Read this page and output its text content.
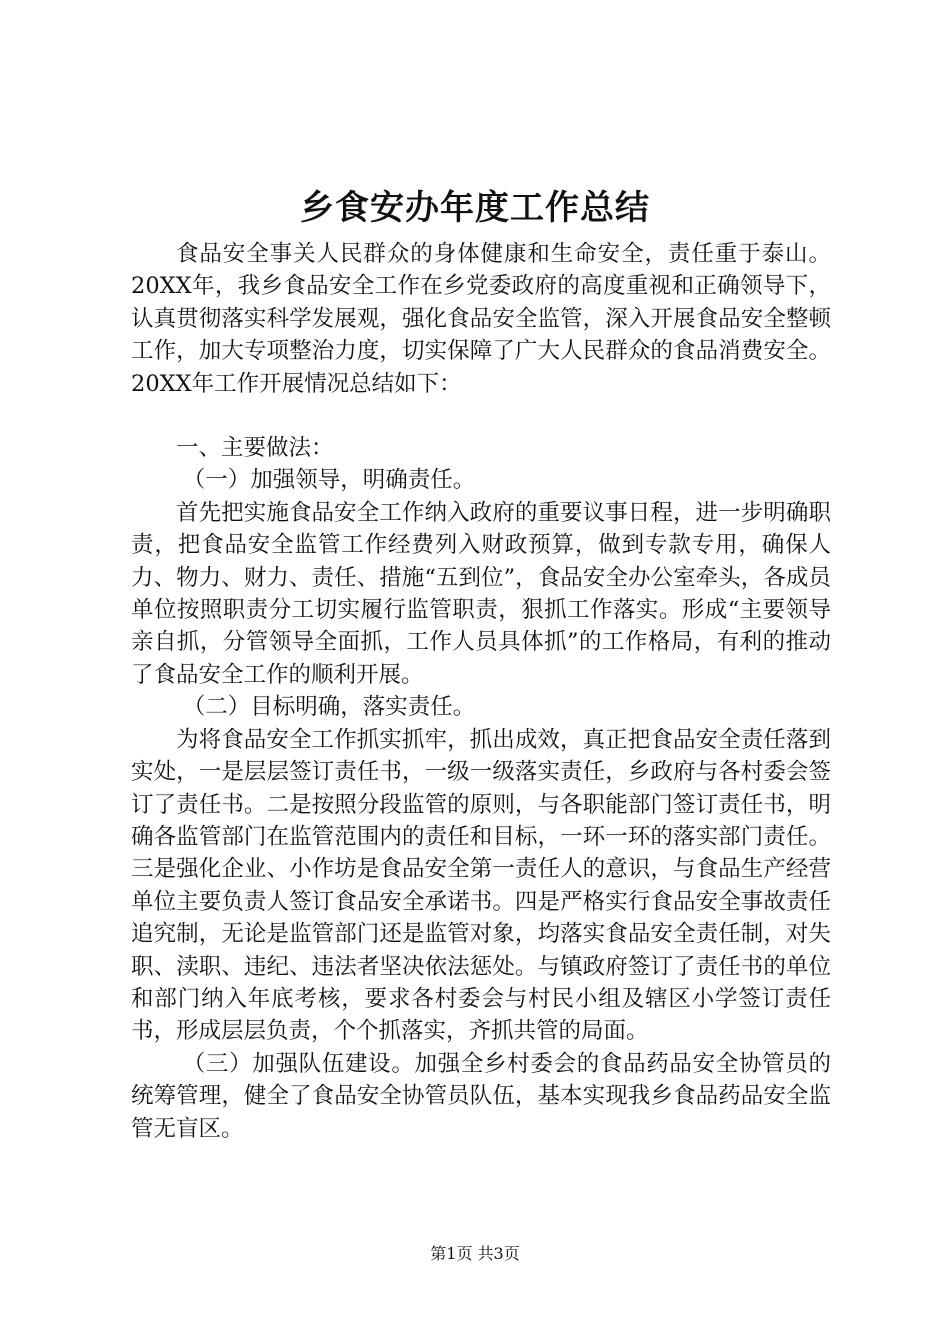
乡食安办年度工作总结

食品安全事关人民群众的身体健康和生命安全，责任重于泰山。20XX年，我乡食品安全工作在乡党委政府的高度重视和正确领导下，认真贯彻落实科学发展观，强化食品安全监管，深入开展食品安全整顿工作，加大专项整治力度，切实保障了广大人民群众的食品消费安全。20XX年工作开展情况总结如下：

一、主要做法：

（一）加强领导，明确责任。

首先把实施食品安全工作纳入政府的重要议事日程，进一步明确职责，把食品安全监管工作经费列入财政预算，做到专款专用，确保人力、物力、财力、责任、措施“五到位”，食品安全办公室牵头，各成员单位按照职责分工切实履行监管职责，狠抓工作落实。形成“主要领导亲自抓，分管领导全面抓，工作人员具体抓”的工作格局，有利的推动了食品安全工作的顺利开展。

（二）目标明确，落实责任。

为将食品安全工作抓实抓牢，抓出成效，真正把食品安全责任落到实处，一是层层签订责任书，一级一级落实责任，乡政府与各村委会签订了责任书。二是按照分段监管的原则，与各职能部门签订责任书，明确各监管部门在监管范围内的责任和目标，一环一环的落实部门责任。三是强化企业、小作坊是食品安全第一责任人的意识，与食品生产经营单位主要负责人签订食品安全承诺书。四是严格实行食品安全事故责任追究制，无论是监管部门还是监管对象，均落实食品安全责任制，对失职、渎职、违纪、违法者坚决依法惩处。与镇政府签订了责任书的单位和部门纳入年底考核，要求各村委会与村民小组及辖区小学签订责任书，形成层层负责，个个抓落实，齐抓共管的局面。

（三）加强队伍建设。加强全乡村委会的食品药品安全协管员的统筹管理，健全了食品安全协管员队伍，基本实现我乡食品药品安全监管无盲区。

第1页 共3页
